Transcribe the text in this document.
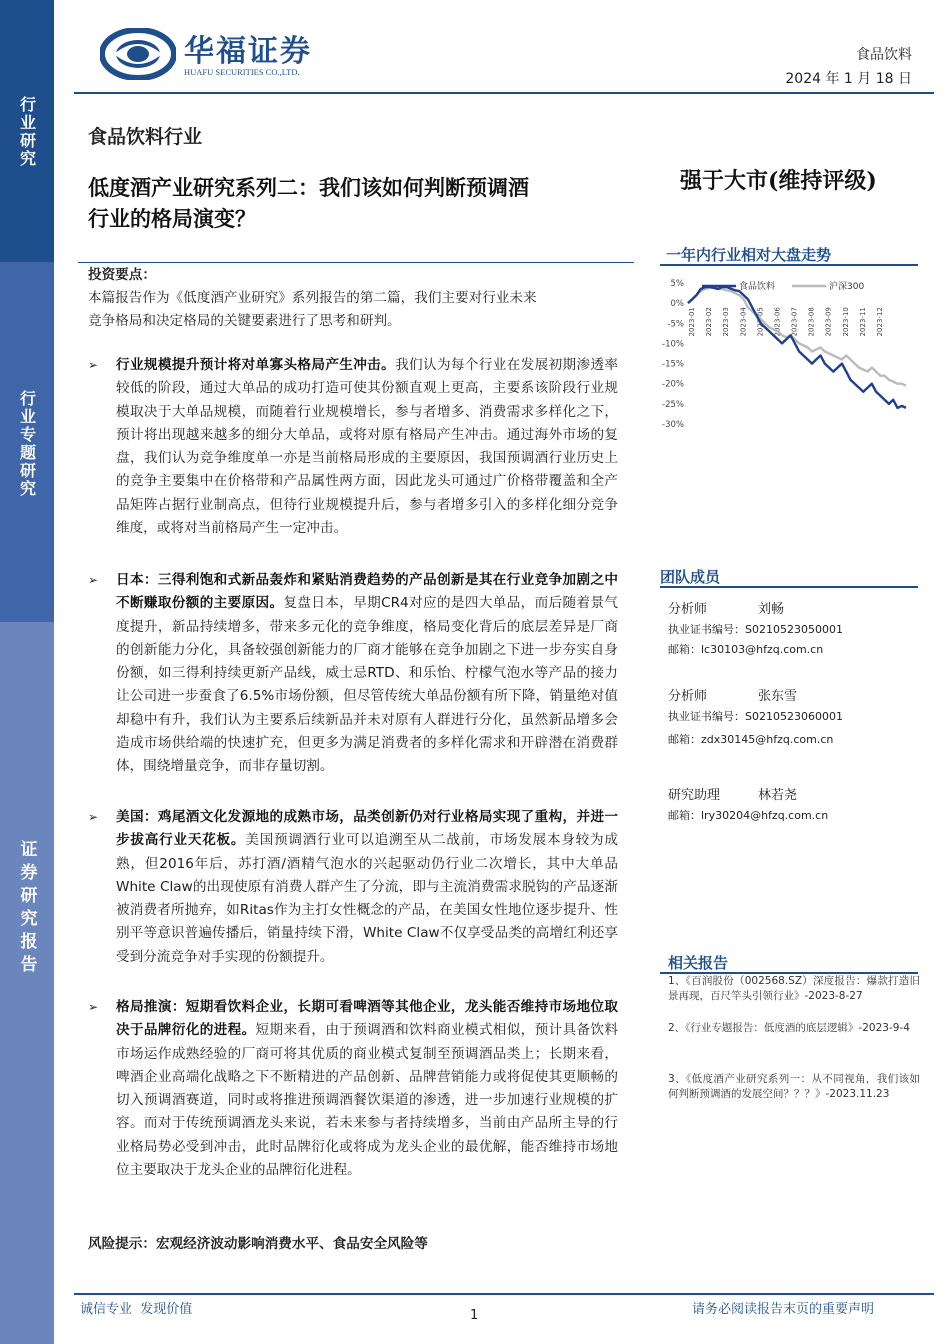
行业研究
行业专题研究
证券研究报告
华福证券
HUAFU SECURITIES CO.,LTD.
食品饮料
2024 年 1 月 18 日
食品饮料行业
低度酒产业研究系列二：我们该如何判断预调酒
行业的格局演变？
强于大市(维持评级)
投资要点：
本篇报告作为《低度酒产业研究》系列报告的第二篇，我们主要对行业未来
竞争格局和决定格局的关键要素进行了思考和研判。
➢ 行业规模提升预计将对单寡头格局产生冲击。我们认为每个行业在发展初期渗透率较低的阶段，通过大单品的成功打造可使其份额直观上更高，主要系该阶段行业规模取决于大单品规模，而随着行业规模增长，参与者增多、消费需求多样化之下，预计将出现越来越多的细分大单品，或将对原有格局产生冲击。通过海外市场的复盘，我们认为竞争维度单一亦是当前格局形成的主要原因，我国预调酒行业历史上的竞争主要集中在价格带和产品属性两方面，因此龙头可通过广价格带覆盖和全产品矩阵占据行业制高点，但待行业规模提升后，参与者增多引入的多样化细分竞争维度，或将对当前格局产生一定冲击。
➢ 日本：三得利饱和式新品轰炸和紧贴消费趋势的产品创新是其在行业竞争加剧之中不断赚取份额的主要原因。复盘日本，早期CR4对应的是四大单品，而后随着景气度提升，新品持续增多，带来多元化的竞争维度，格局变化背后的底层差异是厂商的创新能力分化，具备较强创新能力的厂商才能够在竞争加剧之下进一步夯实自身份额，如三得利持续更新产品线，威士忌RTD、和乐怡、柠檬气泡水等产品的接力让公司进一步蚕食了6.5%市场份额，但尽管传统大单品份额有所下降，销量绝对值却稳中有升，我们认为主要系后续新品并未对原有人群进行分化，虽然新品增多会造成市场供给端的快速扩充，但更多为满足消费者的多样化需求和开辟潜在消费群体，围绕增量竞争，而非存量切割。
➢ 美国：鸡尾酒文化发源地的成熟市场，品类创新仍对行业格局实现了重构，并进一步拔高行业天花板。美国预调酒行业可以追溯至从二战前，市场发展本身较为成熟，但2016年后，苏打酒/酒精气泡水的兴起驱动仍行业二次增长，其中大单品 White Claw的出现使原有消费人群产生了分流，即与主流消费需求脱钩的产品逐渐被消费者所抛弃，如Ritas作为主打女性概念的产品，在美国女性地位逐步提升、性别平等意识普遍传播后，销量持续下滑，White Claw不仅享受品类的高增红利还享受到分流竞争对手实现的份额提升。
➢ 格局推演：短期看饮料企业，长期可看啤酒等其他企业，龙头能否维持市场地位取决于品牌衍化的进程。短期来看，由于预调酒和饮料商业模式相似，预计具备饮料市场运作成熟经验的厂商可将其优质的商业模式复制至预调酒品类上；长期来看，啤酒企业高端化战略之下不断精进的产品创新、品牌营销能力或将促使其更顺畅的切入预调酒赛道，同时或将推进预调酒餐饮渠道的渗透，进一步加速行业规模的扩容。而对于传统预调酒龙头来说，若未来参与者持续增多，当前由产品所主导的行业格局势必受到冲击，此时品牌衍化或将成为龙头企业的最优解，能否维持市场地位主要取决于龙头企业的品牌衍化进程。
风险提示：宏观经济波动影响消费水平、食品安全风险等
一年内行业相对大盘走势
5%
0%
-5%
-10%
-15%
-20%
-25%
-30%
2023-01 2023-02 2023-03 2023-04 2023-05 2023-06 2023-07 2023-08 2023-09 2023-10 2023-11 2023-12
食品饮料	沪深300
团队成员
分析师	刘畅
执业证书编号：S0210523050001
邮箱：lc30103@hfzq.com.cn
分析师	张东雪
执业证书编号：S0210523060001
邮箱：zdx30145@hfzq.com.cn
研究助理	林若尧
邮箱：lry30204@hfzq.com.cn
相关报告
1、《百润股份（002568.SZ）深度报告：爆款打造旧景再现，百尺竿头引领行业》-2023-8-27
2、《行业专题报告：低度酒的底层逻辑》-2023-9-4
3、《低度酒产业研究系列一：从不同视角，我们该如何判断预调酒的发展空间？？？》-2023.11.23
诚信专业  发现价值	1	请务必阅读报告末页的重要声明
